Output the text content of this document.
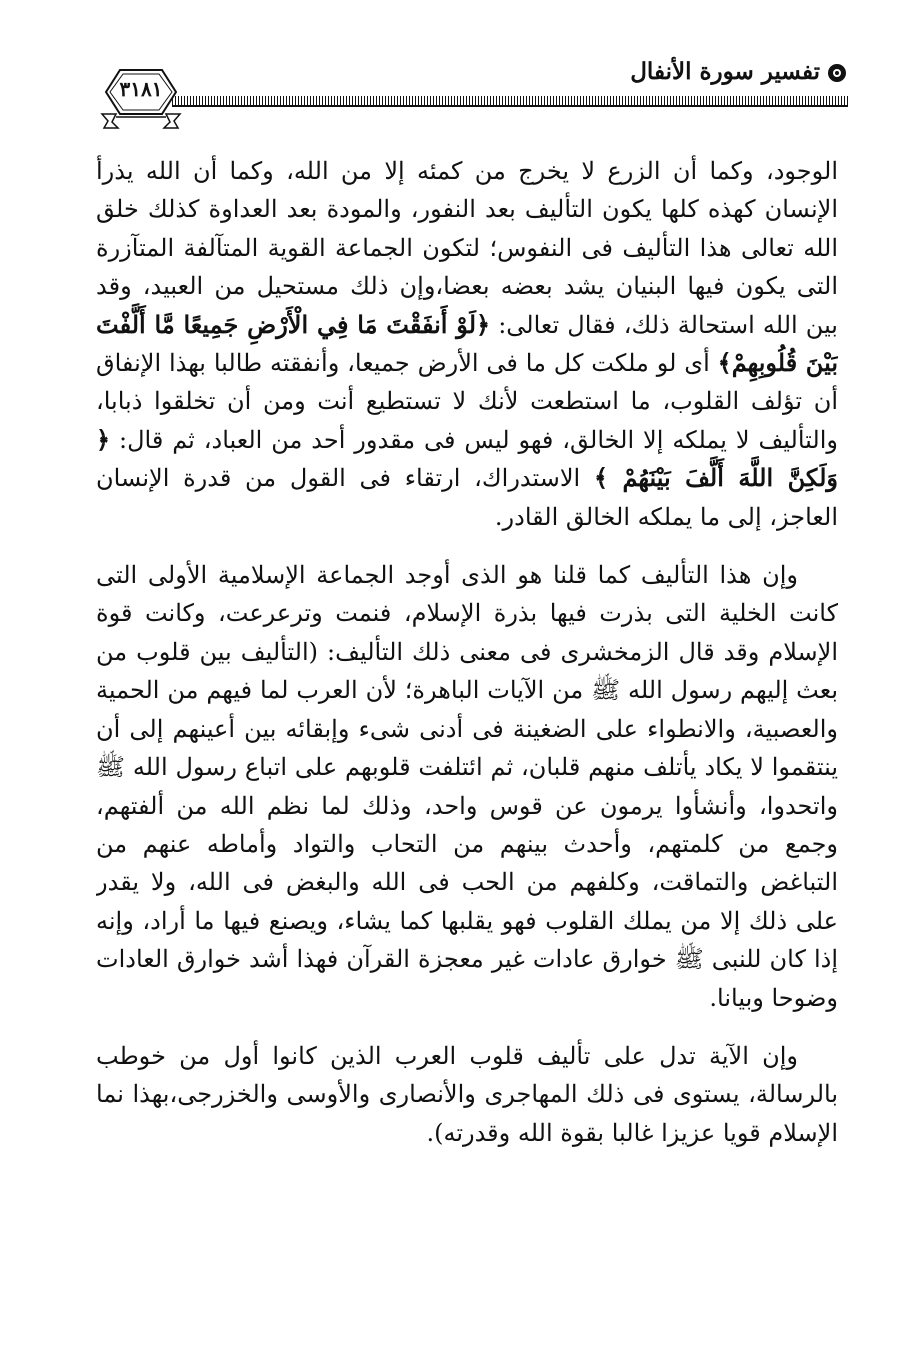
تفسير سورة الأنفال
٣١٨١

الوجود، وكما أن الزرع لا يخرج من كمئه إلا من الله، وكما أن الله يذرأ الإنسان كهذه كلها يكون التأليف بعد النفور، والمودة بعد العداوة كذلك خلق الله تعالى هذا التأليف فى النفوس؛ لتكون الجماعة القوية المتآلفة المتآزرة التى يكون فيها البنيان يشد بعضه بعضا،وإن ذلك مستحيل من العبيد، وقد بين الله استحالة ذلك، فقال تعالى: ﴿لَوْ أَنفَقْتَ مَا فِي الْأَرْضِ جَمِيعًا مَّا أَلَّفْتَ بَيْنَ قُلُوبِهِمْ﴾ أى لو ملكت كل ما فى الأرض جميعا، وأنفقته طالبا بهذا الإنفاق أن تؤلف القلوب، ما استطعت لأنك لا تستطيع أنت ومن أن تخلقوا ذبابا، والتأليف لا يملكه إلا الخالق، فهو ليس فى مقدور أحد من العباد، ثم قال: ﴿ وَلَكِنَّ اللَّهَ أَلَّفَ بَيْنَهُمْ ﴾ الاستدراك، ارتقاء فى القول من قدرة الإنسان العاجز، إلى ما يملكه الخالق القادر.

وإن هذا التأليف كما قلنا هو الذى أوجد الجماعة الإسلامية الأولى التى كانت الخلية التى بذرت فيها بذرة الإسلام، فنمت وترعرعت، وكانت قوة الإسلام وقد قال الزمخشرى فى معنى ذلك التأليف: (التأليف بين قلوب من بعث إليهم رسول الله ﷺ من الآيات الباهرة؛ لأن العرب لما فيهم من الحمية والعصبية، والانطواء على الضغينة فى أدنى شىء وإبقائه بين أعينهم إلى أن ينتقموا لا يكاد يأتلف منهم قلبان، ثم ائتلفت قلوبهم على اتباع رسول الله ﷺ واتحدوا، وأنشأوا يرمون عن قوس واحد، وذلك لما نظم الله من ألفتهم، وجمع من كلمتهم، وأحدث بينهم من التحاب والتواد وأماطه عنهم من التباغض والتماقت، وكلفهم من الحب فى الله والبغض فى الله، ولا يقدر على ذلك إلا من يملك القلوب فهو يقلبها كما يشاء، ويصنع فيها ما أراد، وإنه إذا كان للنبى ﷺ خوارق عادات غير معجزة القرآن فهذا أشد خوارق العادات وضوحا وبيانا.

وإن الآية تدل على تأليف قلوب العرب الذين كانوا أول من خوطب بالرسالة، يستوى فى ذلك المهاجرى والأنصارى والأوسى والخزرجى،بهذا نما الإسلام قويا عزيزا غالبا بقوة الله وقدرته).
